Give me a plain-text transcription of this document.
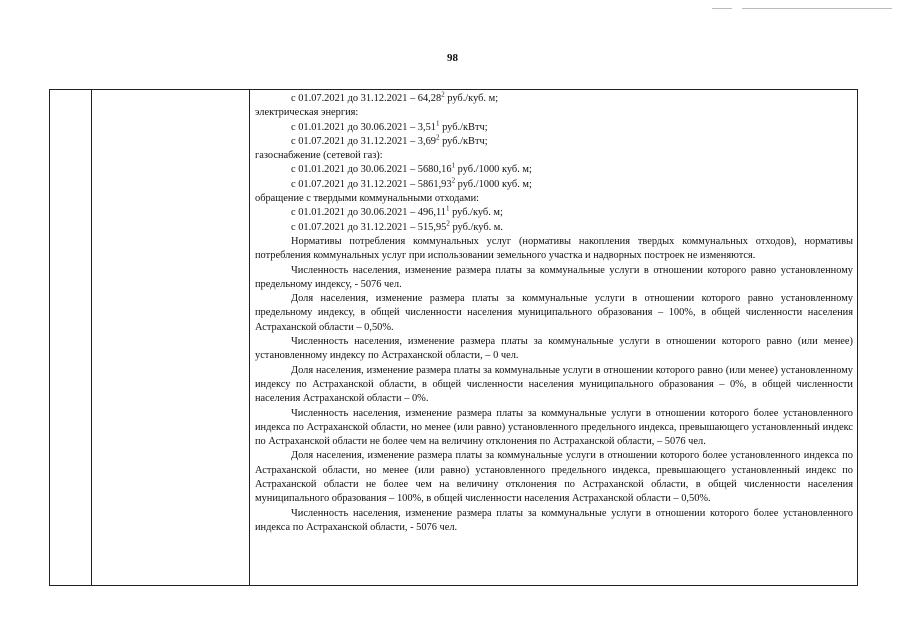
98

с 01.07.2021 до 31.12.2021 – 64,28$^2$ руб./куб. м;

электрическая энергия:

с 01.01.2021 до 30.06.2021 – 3,51$^1$ руб./кВтч;

с 01.07.2021 до 31.12.2021 – 3,69$^2$ руб./кВтч;

газоснабжение (сетевой газ):

с 01.01.2021 до 30.06.2021 – 5680,16$^1$ руб./1000 куб. м;

с 01.07.2021 до 31.12.2021 – 5861,93$^2$ руб./1000 куб. м;

обращение с твердыми коммунальными отходами:

с 01.01.2021 до 30.06.2021 – 496,11$^1$ руб./куб. м;

с 01.07.2021 до 31.12.2021 – 515,95$^2$ руб./куб. м.

Нормативы потребления коммунальных услуг (нормативы накопления твердых коммунальных отходов), нормативы потребления коммунальных услуг при использовании земельного участка и надворных построек не изменяются.

Численность населения, изменение размера платы за коммунальные услуги в отношении которого равно установленному предельному индексу, - 5076 чел.

Доля населения, изменение размера платы за коммунальные услуги в отношении которого равно установленному предельному индексу, в общей численности населения муниципального образования – 100%, в общей численности населения Астраханской области – 0,50%.

Численность населения, изменение размера платы за коммунальные услуги в отношении которого равно (или менее) установленному индексу по Астраханской области, – 0 чел.

Доля населения, изменение размера платы за коммунальные услуги в отношении которого равно (или менее) установленному индексу по Астраханской области, в общей численности населения муниципального образования – 0%, в общей численности населения Астраханской области – 0%.

Численность населения, изменение размера платы за коммунальные услуги в отношении которого более установленного индекса по Астраханской области, но менее (или равно) установленного предельного индекса, превышающего установленный индекс по Астраханской области не более чем на величину отклонения по Астраханской области, – 5076 чел.

Доля населения, изменение размера платы за коммунальные услуги в отношении которого более установленного индекса по Астраханской области, но менее (или равно) установленного предельного индекса, превышающего установленный индекс по Астраханской области не более чем на величину отклонения по Астраханской области, в общей численности населения муниципального образования – 100%, в общей численности населения Астраханской области – 0,50%.

Численность населения, изменение размера платы за коммунальные услуги в отношении которого более установленного индекса по Астраханской области, - 5076 чел.
